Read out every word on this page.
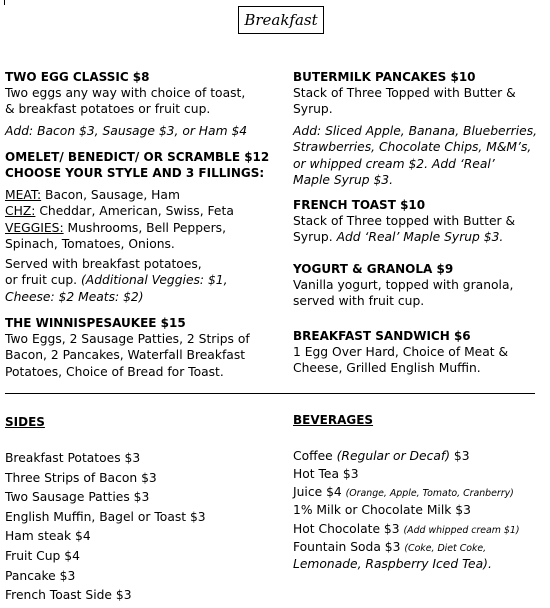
Breakfast
TWO EGG CLASSIC $8
Two eggs any way with choice of toast,
& breakfast potatoes or fruit cup.
Add: Bacon $3, Sausage $3, or Ham $4
OMELET/ BENEDICT/ OR SCRAMBLE $12
CHOOSE YOUR STYLE AND 3 FILLINGS:
MEAT: Bacon, Sausage, Ham
CHZ: Cheddar, American, Swiss, Feta
VEGGIES: Mushrooms, Bell Peppers,
Spinach, Tomatoes, Onions.
Served with breakfast potatoes,
or fruit cup. (Additional Veggies: $1,
Cheese: $2 Meats: $2)
THE WINNISPESAUKEE $15
Two Eggs, 2 Sausage Patties, 2 Strips of
Bacon, 2 Pancakes, Waterfall Breakfast
Potatoes, Choice of Bread for Toast.
BUTERMILK PANCAKES $10
Stack of Three Topped with Butter &
Syrup.
Add: Sliced Apple, Banana, Blueberries,
Strawberries, Chocolate Chips, M&M’s,
or whipped cream $2. Add ‘Real’
Maple Syrup $3.
FRENCH TOAST $10
Stack of Three topped with Butter &
Syrup. Add ‘Real’ Maple Syrup $3.
YOGURT & GRANOLA $9
Vanilla yogurt, topped with granola,
served with fruit cup.
BREAKFAST SANDWICH $6
1 Egg Over Hard, Choice of Meat &
Cheese, Grilled English Muffin.
SIDES
Breakfast Potatoes $3
Three Strips of Bacon $3
Two Sausage Patties $3
English Muffin, Bagel or Toast $3
Ham steak $4
Fruit Cup $4
Pancake $3
French Toast Side $3
BEVERAGES
Coffee (Regular or Decaf) $3
Hot Tea $3
Juice $4 (Orange, Apple, Tomato, Cranberry)
1% Milk or Chocolate Milk $3
Hot Chocolate $3 (Add whipped cream $1)
Fountain Soda $3 (Coke, Diet Coke,
Lemonade, Raspberry Iced Tea).
